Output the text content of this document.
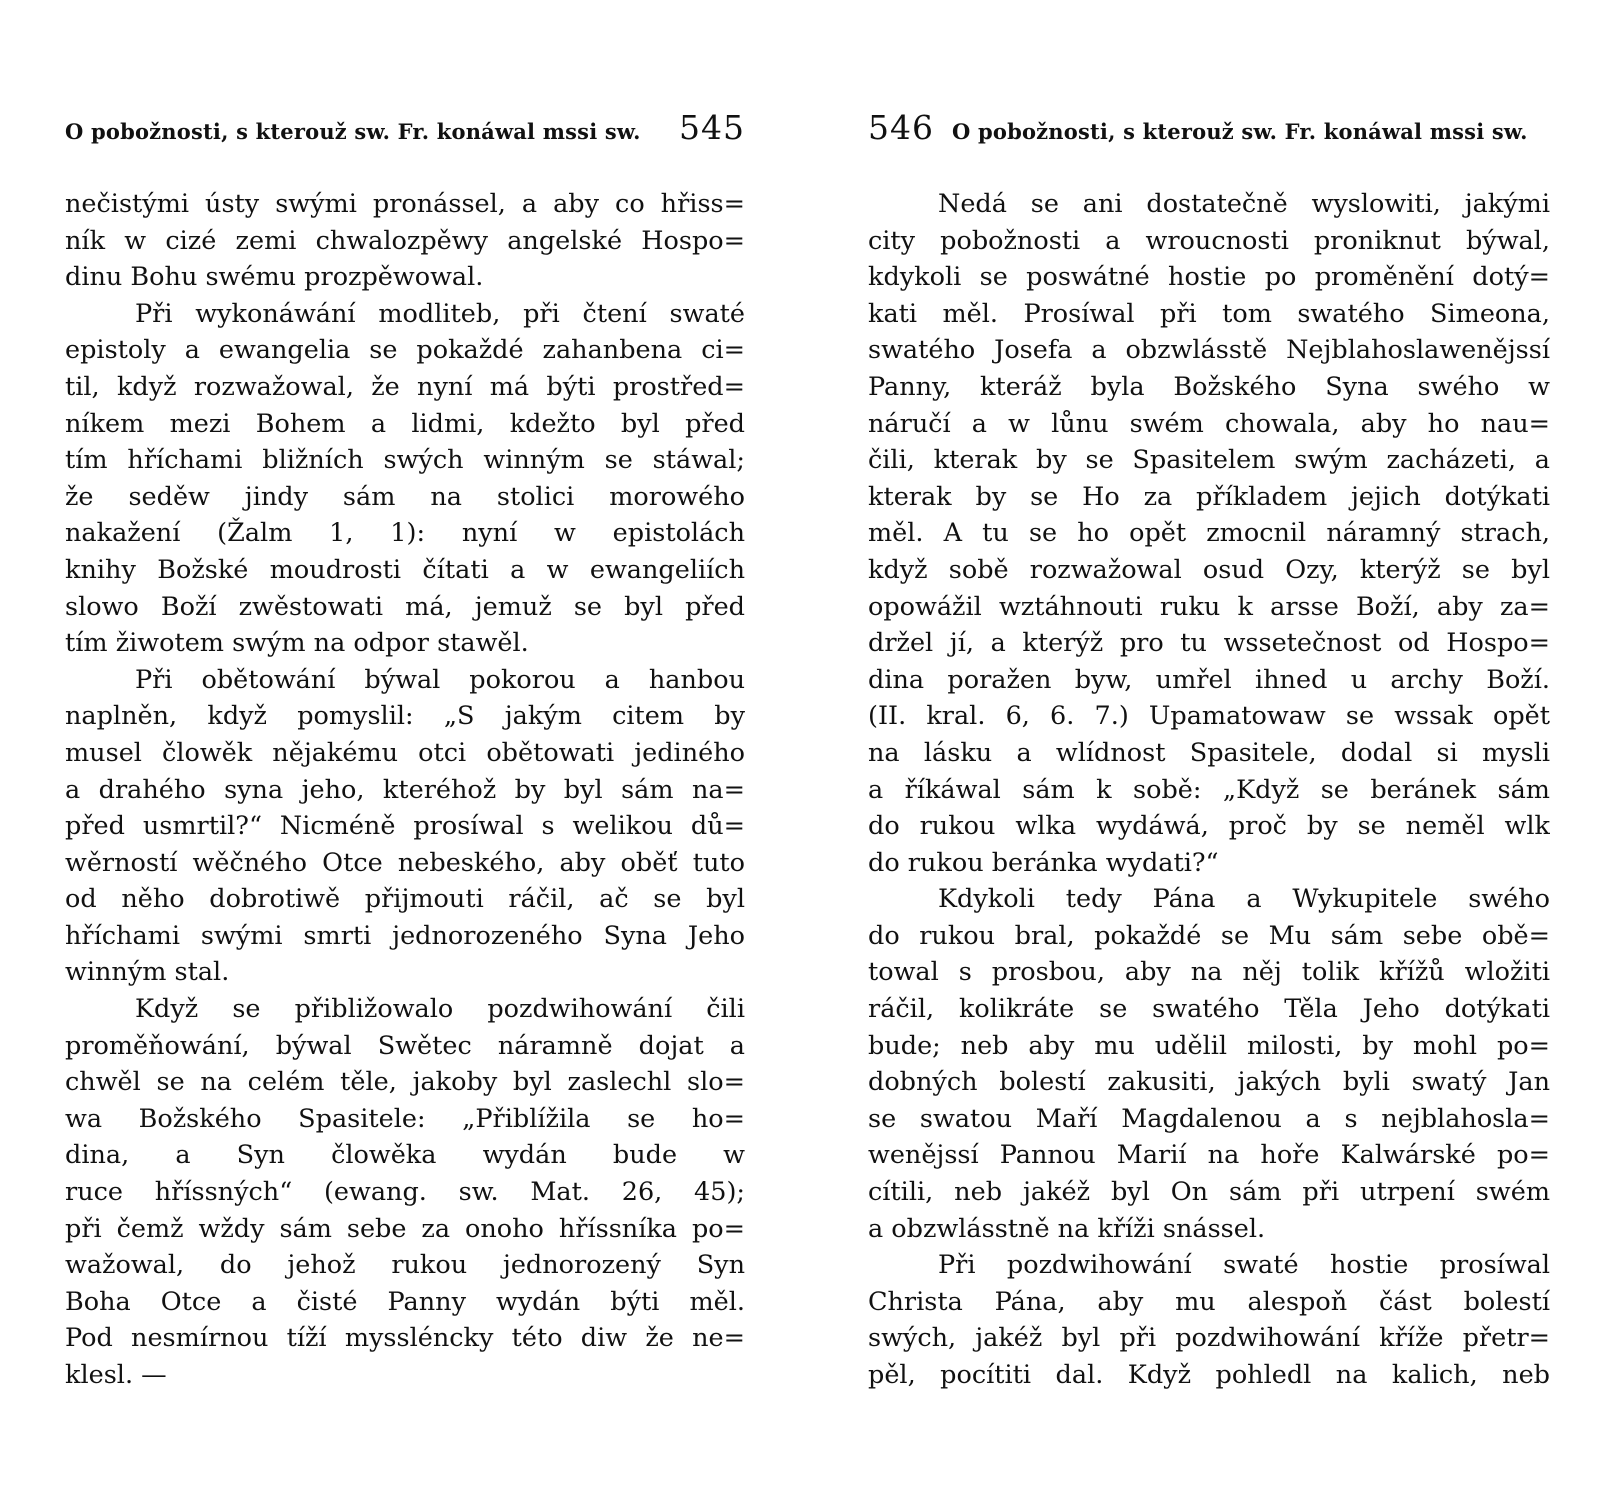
O pobožnosti, s kterouž sw. Fr. konáwal mssi sw. 545
nečistými ústy swými pronássel, a aby co hřiss=
ník w cizé zemi chwalozpěwy angelské Hospo=
dinu Bohu swému prozpěwowal.
Při wykonáwání modliteb, při čtení swaté
epistoly a ewangelia se pokaždé zahanbena ci=
til, když rozwažowal, že nyní má býti prostřed=
níkem mezi Bohem a lidmi, kdežto byl před
tím hříchami bližních swých winným se stáwal;
že seděw jindy sám na stolici morowého
nakažení (Žalm 1, 1): nyní w epistolách
knihy Božské moudrosti čítati a w ewangeliích
slowo Boží zwěstowati má, jemuž se byl před
tím žiwotem swým na odpor stawěl.
Při obětowání býwal pokorou a hanbou
naplněn, když pomyslil: „S jakým citem by
musel člowěk nějakému otci obětowati jediného
a drahého syna jeho, kteréhož by byl sám na=
před usmrtil?“ Nicméně prosíwal s welikou dů=
wěrností wěčného Otce nebeského, aby oběť tuto
od něho dobrotiwě přijmouti ráčil, ač se byl
hříchami swými smrti jednorozeného Syna Jeho
winným stal.
Když se přibližowalo pozdwihowání čili
proměňowání, býwal Swětec náramně dojat a
chwěl se na celém těle, jakoby byl zaslechl slo=
wa Božského Spasitele: „Přiblížila se ho=
dina, a Syn člowěka wydán bude w
ruce hříssných“ (ewang. sw. Mat. 26, 45);
při čemž wždy sám sebe za onoho hříssníka po=
wažowal, do jehož rukou jednorozený Syn
Boha Otce a čisté Panny wydán býti měl.
Pod nesmírnou tíží myssléncky této diw že ne=
klesl. —
546 O pobožnosti, s kterouž sw. Fr. konáwal mssi sw.
Nedá se ani dostatečně wyslowiti, jakými
city pobožnosti a wroucnosti proniknut býwal,
kdykoli se poswátné hostie po proměnění dotý=
kati měl. Prosíwal při tom swatého Simeona,
swatého Josefa a obzwlásstě Nejblahoslawenějssí
Panny, kteráž byla Božského Syna swého w
náručí a w lůnu swém chowala, aby ho nau=
čili, kterak by se Spasitelem swým zacházeti, a
kterak by se Ho za příkladem jejich dotýkati
měl. A tu se ho opět zmocnil náramný strach,
když sobě rozwažowal osud Ozy, kterýž se byl
opowážil wztáhnouti ruku k arsse Boží, aby za=
držel jí, a kterýž pro tu wssetečnost od Hospo=
dina poražen byw, umřel ihned u archy Boží.
(II. kral. 6, 6. 7.) Upamatowaw se wssak opět
na lásku a wlídnost Spasitele, dodal si mysli
a říkáwal sám k sobě: „Když se beránek sám
do rukou wlka wydáwá, proč by se neměl wlk
do rukou beránka wydati?“
Kdykoli tedy Pána a Wykupitele swého
do rukou bral, pokaždé se Mu sám sebe obě=
towal s prosbou, aby na něj tolik křížů wložiti
ráčil, kolikráte se swatého Těla Jeho dotýkati
bude; neb aby mu udělil milosti, by mohl po=
dobných bolestí zakusiti, jakých byli swatý Jan
se swatou Maří Magdalenou a s nejblahosla=
wenějssí Pannou Marií na hoře Kalwárské po=
cítili, neb jakéž byl On sám při utrpení swém
a obzwlásstně na kříži snássel.
Při pozdwihowání swaté hostie prosíwal
Christa Pána, aby mu alespoň část bolestí
swých, jakéž byl při pozdwihowání kříže přetr=
pěl, pocítiti dal. Když pohledl na kalich, neb
